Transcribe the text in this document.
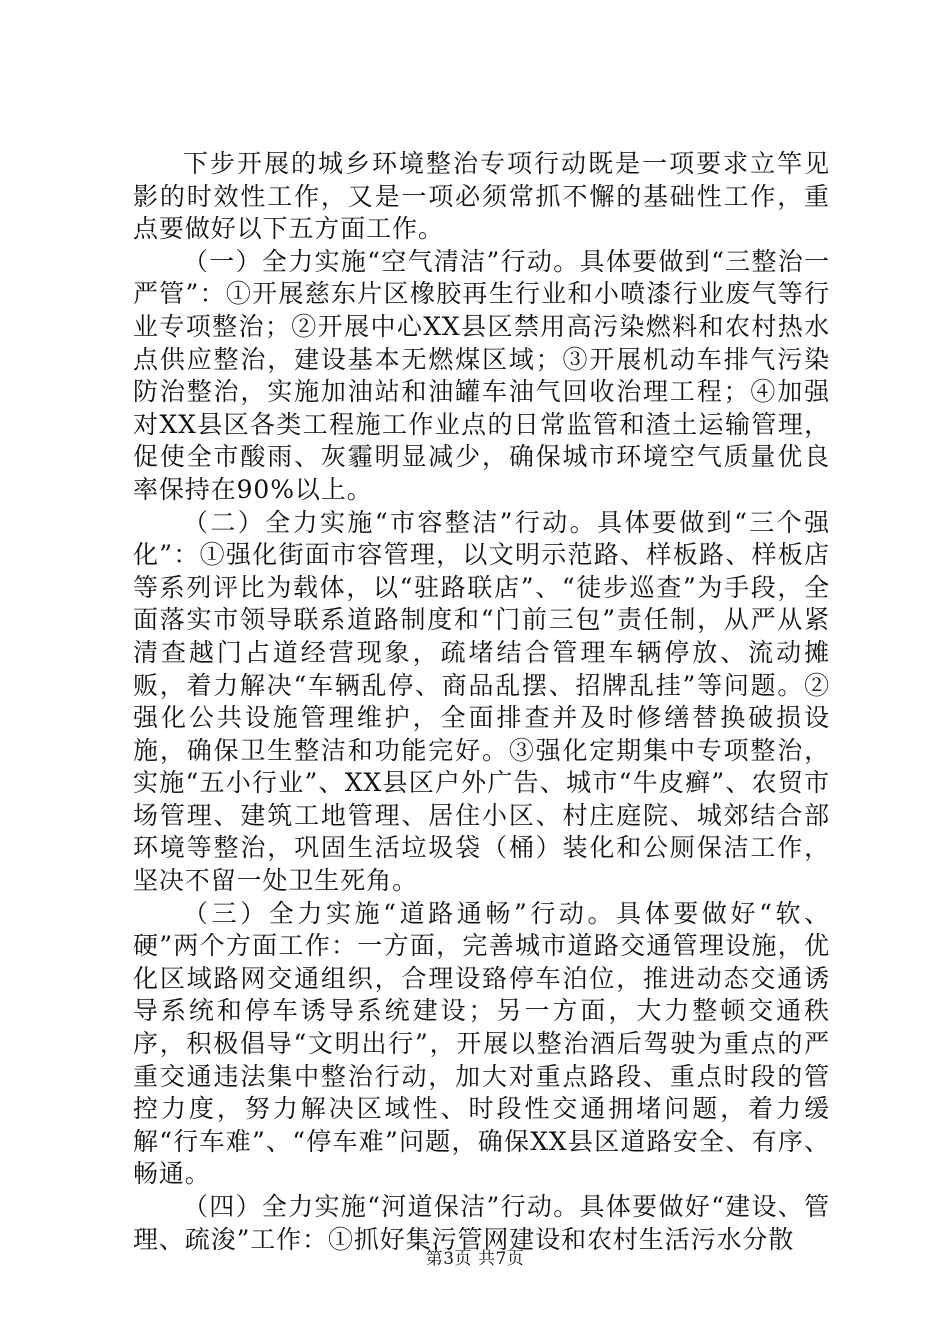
下步开展的城乡环境整治专项行动既是一项要求立竿见影的时效性工作，又是一项必须常抓不懈的基础性工作，重点要做好以下五方面工作。

（一）全力实施“空气清洁”行动。具体要做到“三整治一严管”：①开展慈东片区橡胶再生行业和小喷漆行业废气等行业专项整治；②开展中心XX县区禁用高污染燃料和农村热水点供应整治，建设基本无燃煤区域；③开展机动车排气污染防治整治，实施加油站和油罐车油气回收治理工程；④加强对XX县区各类工程施工作业点的日常监管和渣土运输管理，促使全市酸雨、灰霾明显减少，确保城市环境空气质量优良率保持在90%以上。

（二）全力实施“市容整洁”行动。具体要做到“三个强化”：①强化街面市容管理，以文明示范路、样板路、样板店等系列评比为载体，以“驻路联店”、“徒步巡查”为手段，全面落实市领导联系道路制度和“门前三包”责任制，从严从紧清查越门占道经营现象，疏堵结合管理车辆停放、流动摊贩，着力解决“车辆乱停、商品乱摆、招牌乱挂”等问题。②强化公共设施管理维护，全面排查并及时修缮替换破损设施，确保卫生整洁和功能完好。③强化定期集中专项整治，实施“五小行业”、XX县区户外广告、城市“牛皮癣”、农贸市场管理、建筑工地管理、居住小区、村庄庭院、城郊结合部环境等整治，巩固生活垃圾袋（桶）装化和公厕保洁工作，坚决不留一处卫生死角。

（三）全力实施“道路通畅”行动。具体要做好“软、硬”两个方面工作：一方面，完善城市道路交通管理设施，优化区域路网交通组织，合理设臵停车泊位，推进动态交通诱导系统和停车诱导系统建设；另一方面，大力整顿交通秩序，积极倡导“文明出行”，开展以整治酒后驾驶为重点的严重交通违法集中整治行动，加大对重点路段、重点时段的管控力度，努力解决区域性、时段性交通拥堵问题，着力缓解“行车难”、“停车难”问题，确保XX县区道路安全、有序、畅通。

（四）全力实施“河道保洁”行动。具体要做好“建设、管理、疏浚”工作：①抓好集污管网建设和农村生活污水分散

第3页 共7页
